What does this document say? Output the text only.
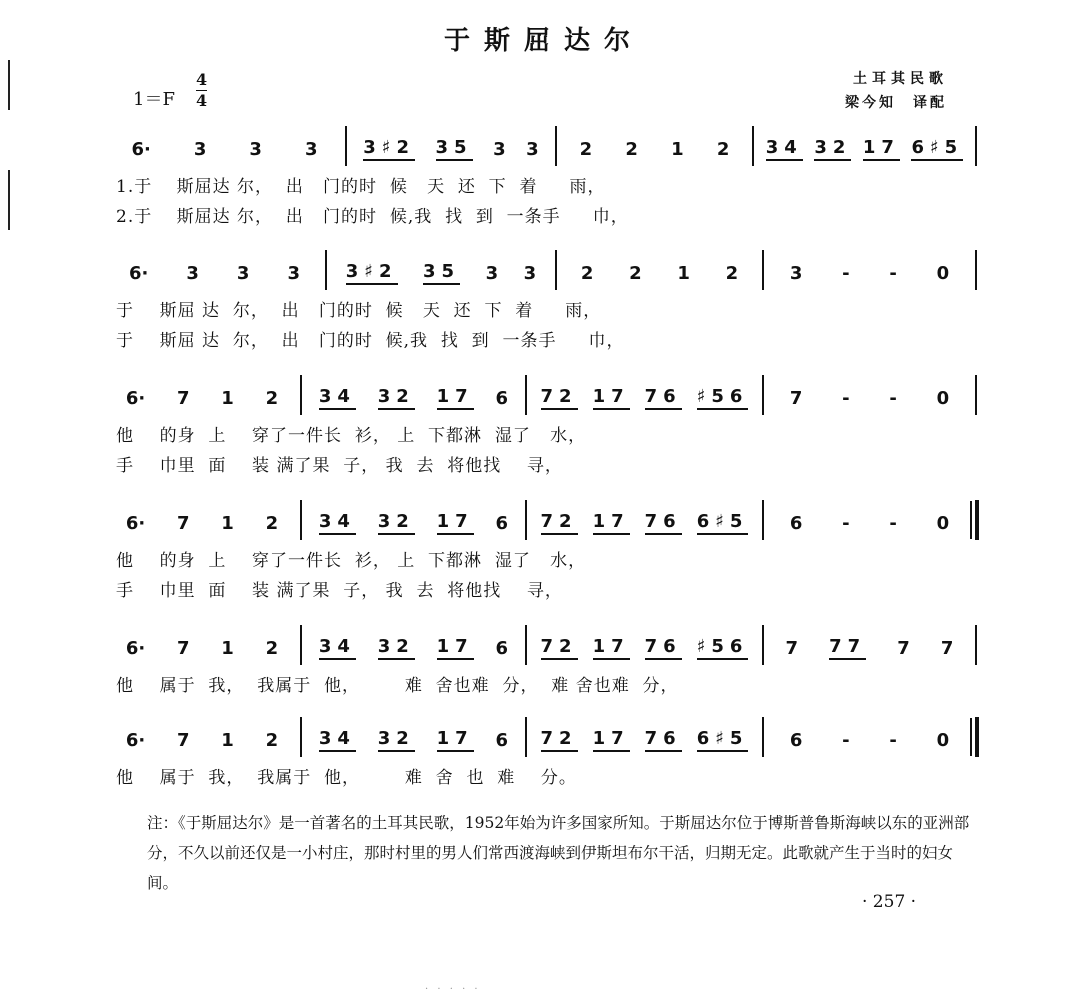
于斯屈达尔
1＝F
4
4
土耳其民歌
梁今知　译配
6· 3 3 3	3♯2 35 3 3 2 2 1 2 34 32 17 6♯5
1.于　 斯屈达 尔，  出   门的时  候   天  还  下  着     雨，
2.于　 斯屈达 尔，  出   门的时  候,我  找  到  一条手     巾，
6· 3 3 3	3♯2 35 3 3 2 2 1 2	3 - - 0
于    斯屈 达  尔，  出   门的时  候   天  还  下  着     雨，
于    斯屈 达  尔，  出   门的时  候,我  找  到  一条手     巾，
6· 7 1 2 34 32 17 6 72 17 76 ♯56 7 - - 0
他    的身  上    穿了一件长  衫， 上  下都淋  湿了   水，
手    巾里  面    装 满了果  子， 我  去  将他找    寻，
6· 7 1 2 34 32 17 6 72 17 76 6♯5 6 - - 0
他    的身  上    穿了一件长  衫， 上  下都淋  湿了   水，
手    巾里  面    装 满了果  子， 我  去  将他找    寻，
6· 7 1 2 34 32 17 6 72 17 76 ♯56 7 77 7 7
他    属于  我，  我属于  他，       难  舍也难  分，  难 舍也难  分，
6· 7 1 2 34 32 17 6 72 17 76 6♯5 6 - - 0
他    属于  我，  我属于  他，       难  舍  也  难    分。

注：《于斯屈达尔》是一首著名的土耳其民歌，1952年始为许多国家所知。于斯屈达尔位于博斯普鲁斯海峡以东的亚洲部分，不久以前还仅是一小村庄，那时村里的男人们常西渡海峡到伊斯坦布尔干活，归期无定。此歌就产生于当时的妇女间。

· 257 ·
· · · · ·
